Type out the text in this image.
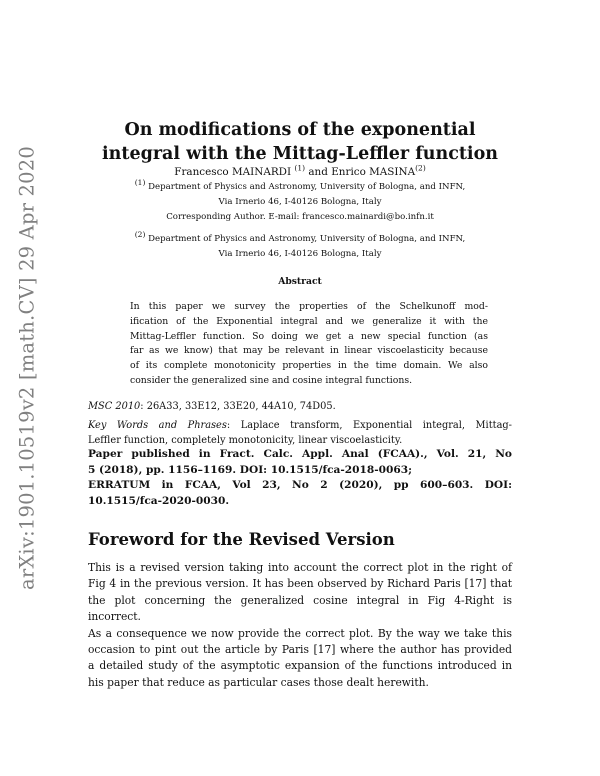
arXiv:1901.10519v2 [math.CV] 29 Apr 2020
On modifications of the exponential
integral with the Mittag-Leffler function
Francesco MAINARDI $^{(1)}$ and Enrico MASINA$^{(2)}$
(1) Department of Physics and Astronomy, University of Bologna, and INFN,
Via Irnerio 46, I-40126 Bologna, Italy
Corresponding Author. E-mail: francesco.mainardi@bo.infn.it
(2) Department of Physics and Astronomy, University of Bologna, and INFN,
Via Irnerio 46, I-40126 Bologna, Italy
Abstract
In this paper we survey the properties of the Schelkunoff mod-
ification of the Exponential integral and we generalize it with the
Mittag-Leffler function. So doing we get a new special function (as
far as we know) that may be relevant in linear viscoelasticity because
of its complete monotonicity properties in the time domain. We also
consider the generalized sine and cosine integral functions.
MSC 2010: 26A33, 33E12, 33E20, 44A10, 74D05.
Key Words and Phrases: Laplace transform, Exponential integral, Mittag-
Leffler function, completely monotonicity, linear viscoelasticity.
Paper published in Fract. Calc. Appl. Anal (FCAA)., Vol. 21, No
5 (2018), pp. 1156–1169. DOI: 10.1515/fca-2018-0063;
ERRATUM in FCAA, Vol 23, No 2 (2020), pp 600–603. DOI:
10.1515/fca-2020-0030.
Foreword for the Revised Version
This is a revised version taking into account the correct plot in the right of
Fig 4 in the previous version. It has been observed by Richard Paris [17] that
the plot concerning the generalized cosine integral in Fig 4-Right is incorrect.
As a consequence we now provide the correct plot. By the way we take this
occasion to pint out the article by Paris [17] where the author has provided
a detailed study of the asymptotic expansion of the functions introduced in
his paper that reduce as particular cases those dealt herewith.
